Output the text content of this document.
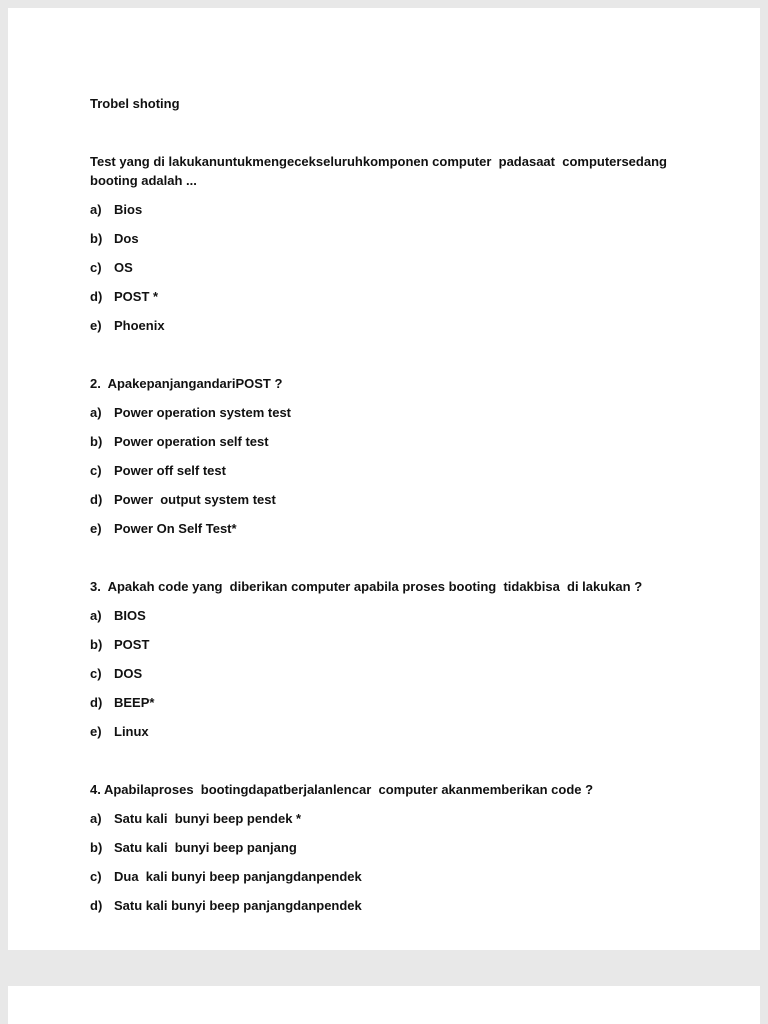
Trobel shoting
Test yang di lakukanuntukmengecekseluruhkomponen computer  padasaat  computersedang booting adalah ...
a) Bios
b) Dos
c) OS
d) POST *
e) Phoenix
2.  ApakepanjangandariPOST ?
a) Power operation system test
b) Power operation self test
c) Power off self test
d) Power  output system test
e) Power On Self Test*
3.  Apakah code yang  diberikan computer apabila proses booting  tidakbisa  di lakukan ?
a) BIOS
b) POST
c) DOS
d) BEEP*
e) Linux
4. Apabilaproses  bootingdapatberjalanlencar  computer akanmemberikan code ?
a) Satu kali  bunyi beep pendek *
b) Satu kali  bunyi beep panjang
c) Dua  kali bunyi beep panjangdanpendek
d) Satu kali bunyi beep panjangdanpendek
